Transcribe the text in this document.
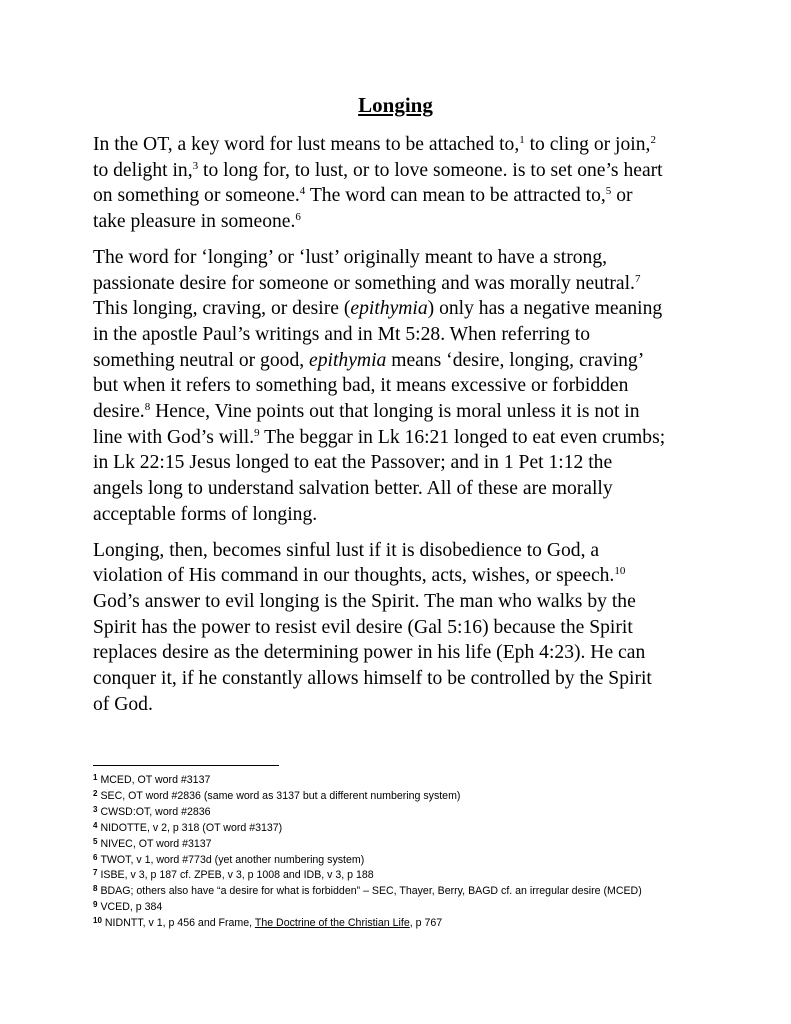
Longing

In the OT, a key word for lust means to be attached to,$^1$ to cling or join,$^2$
to delight in,$^3$ to long for, to lust, or to love someone. is to set one’s heart
on something or someone.$^4$ The word can mean to be attracted to,$^5$ or
take pleasure in someone.$^6$

The word for ‘longing’ or ‘lust’ originally meant to have a strong,
passionate desire for someone or something and was morally neutral.$^7$
This longing, craving, or desire (epithymia) only has a negative meaning
in the apostle Paul’s writings and in Mt 5:28. When referring to
something neutral or good, epithymia means ‘desire, longing, craving’
but when it refers to something bad, it means excessive or forbidden
desire.$^8$ Hence, Vine points out that longing is moral unless it is not in
line with God’s will.$^9$ The beggar in Lk 16:21 longed to eat even crumbs;
in Lk 22:15 Jesus longed to eat the Passover; and in 1 Pet 1:12 the
angels long to understand salvation better. All of these are morally
acceptable forms of longing.

Longing, then, becomes sinful lust if it is disobedience to God, a
violation of His command in our thoughts, acts, wishes, or speech.$^{10}$
God’s answer to evil longing is the Spirit. The man who walks by the
Spirit has the power to resist evil desire (Gal 5:16) because the Spirit
replaces desire as the determining power in his life (Eph 4:23). He can
conquer it, if he constantly allows himself to be controlled by the Spirit
of God.

$^1$ MCED, OT word #3137
$^2$ SEC, OT word #2836 (same word as 3137 but a different numbering system)
$^3$ CWSD:OT, word #2836
$^4$ NIDOTTE, v 2, p 318 (OT word #3137)
$^5$ NIVEC, OT word #3137
$^6$ TWOT, v 1, word #773d (yet another numbering system)
$^7$ ISBE, v 3, p 187 cf. ZPEB, v 3, p 1008 and IDB, v 3, p 188
$^8$ BDAG; others also have “a desire for what is forbidden” – SEC, Thayer, Berry, BAGD cf. an irregular desire (MCED)
$^9$ VCED, p 384
$^{10}$ NIDNTT, v 1, p 456 and Frame, The Doctrine of the Christian Life, p 767
